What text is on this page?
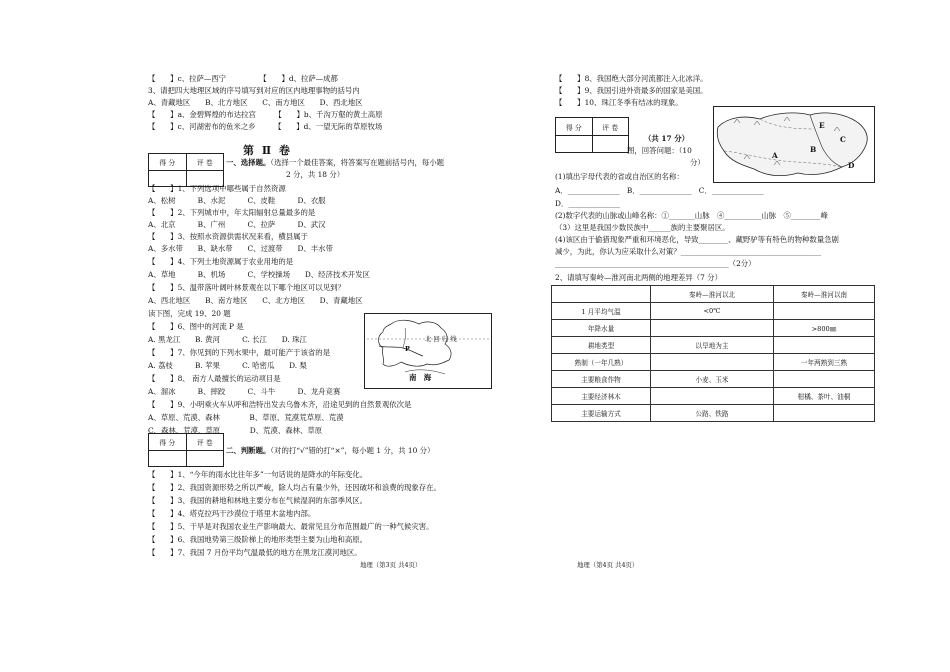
【　　】c、拉萨—西宁　　　　　【　　】d、拉萨—成都
3、请把四大地理区域的序号填写到对应的区内地理事物的括号内
A、青藏地区　　B、北方地区　　C、南方地区　　D、西北地区
【　　】a、金碧辉煌的布达拉宫　　　【　　】b、千沟万壑的黄土高原
【　　】c、河湖密布的鱼米之乡　　　【　　】d、一望无际的草原牧场
第 Ⅱ 卷
得 分	评 卷	一、选择题。（选择一个最佳答案，将答案写在题前括号内，每小题
2 分，共 18 分）
【　　】1、下列选项中哪些属于自然资源
A、松树　　　B、水泥　　　C、皮鞋　　　D、衣服
【　　】2、下列城市中，年太阳辐射总量最多的是
A、北京　　　B、广州　　　C、拉萨　　　D、武汉
【　　】3、按照水资源供需状况来看，横县属于
A、多水带　　B、缺水带　　C、过渡带　　D、丰水带
【　　】4、下列土地资源属于农业用地的是
A、草地　　　B、机场　　　C、学校操场　　D、经济技术开发区
【　　】5、温带落叶阔叶林景观在以下哪个地区可以见到？
A、西北地区　　B、南方地区　　C、北方地区　　D、青藏地区
读下图，完成 19、20 题
【　　】6、图中的河流 P 是
A. 黑龙江　　B. 黄河　　　C. 长江　　D. 珠江
【　　】7、你见到的下列水果中，最可能产于该省的是
A. 荔枝　　　B. 苹果　　　C. 哈密瓜　　D. 梨
【　　】8、 南方人最擅长的运动项目是
A、溜冰　　　B、摔跤　　　C、斗牛　　　D、龙舟竞赛
【　　】9、小明乘火车从呼和浩特出发去乌鲁木齐，沿途见到的自然景观依次是
A、草原、荒漠、森林　　　　B、草原、荒漠荒草原、荒漠
C、森林、荒漠、草原　　　　D、荒漠、森林、草原
北 回 归 线
P
南　海
得 分	评 卷
二、判断题。（对的打“√”错的打“×”，每小题 1 分，共 10 分）
【　　】1、“今年的雨水比往年多”一句话说的是降水的年际变化。
【　　】2、我国资源形势之所以严峻，除人均占有量少外，还因破坏和浪费的现象存在。
【　　】3、我国的耕地和林地主要分布在气候湿润的东部季风区。
【　　】4、塔克拉玛干沙漠位于塔里木盆地内部。
【　　】5、干旱是对我国农业生产影响最大、最常见且分布范围最广的一种气候灾害。
【　　】6、我国地势第三级阶梯上的地形类型主要为山地和高原。
【　　】7、我国 7 月份平均气温最低的地方在黑龙江漠河地区。
地理（第3页 共4页）
【　　】8、我国绝大部分河流都注入北冰洋。
【　　】9、我国引进外资最多的国家是美国。
【　　】10、珠江冬季有结冰的现象。
得 分	评 卷
（共 17 分）
图，回答问题：（10
分）
E
A
B
D
C
(1)填出字母代表的省或自治区的名称：
A．______________　B．______________　C．______________
D．______________
(2)数字代表的山脉或山峰名称：①_______山脉　④__________山脉　⑤________峰
（3）这里是我国少数民族中______族的主要聚居区。
(4)该区由于偷猎现象严重和环境恶化，导致________、藏野驴等有特色的物种数量急剧
减少，为此，你认为应采取什么对策？______________________________________
_______________________________________________（2分）
2、请填写秦岭—淮河南北两侧的地理差异（7 分）
	秦岭—淮河以北	秦岭—淮河以南
1 月平均气温	<0℃	
年降水量		>800㎜
耕地类型	以旱地为主	
熟制（一年几熟）		一年两熟到三熟
主要粮食作物	小麦、玉米	
主要经济林木		柑橘、茶叶、油桐
主要运输方式	公路、铁路	
地理（第4页 共4页）
